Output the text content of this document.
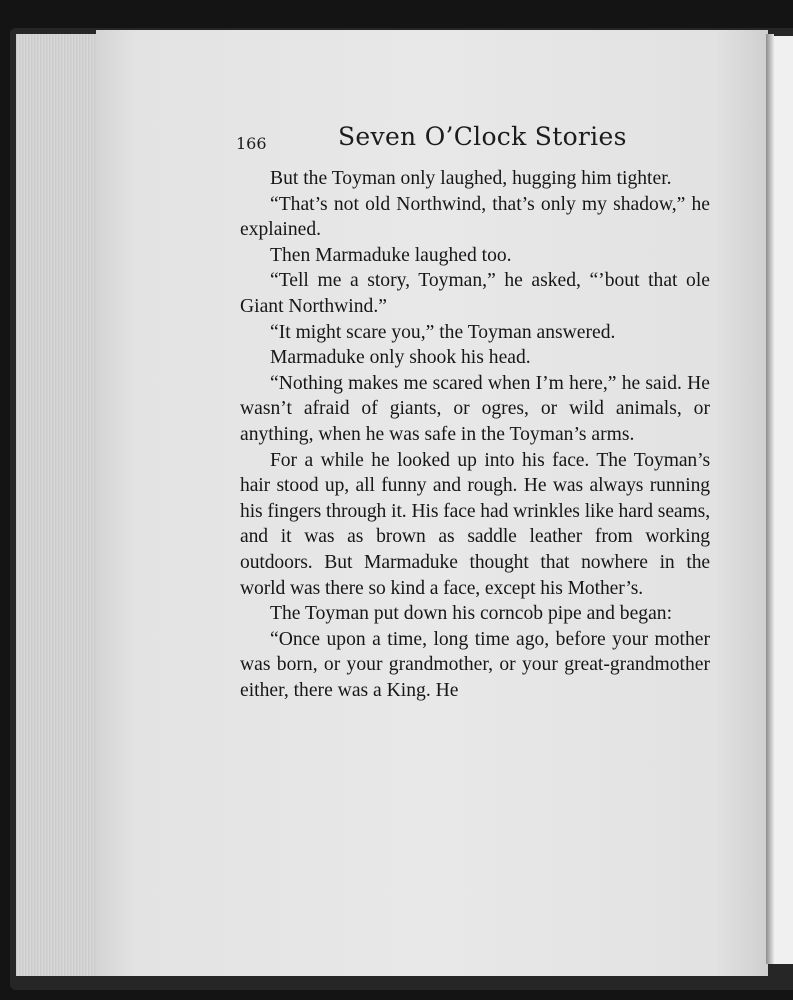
166	Seven O’Clock Stories

But the Toyman only laughed, hugging him tighter.

“That’s not old Northwind, that’s only my shadow,” he explained.

Then Marmaduke laughed too.

“Tell me a story, Toyman,” he asked, “’bout that ole Giant Northwind.”

“It might scare you,” the Toyman answered.

Marmaduke only shook his head.

“Nothing makes me scared when I’m here,” he said. He wasn’t afraid of giants, or ogres, or wild animals, or anything, when he was safe in the Toyman’s arms.

For a while he looked up into his face. The Toyman’s hair stood up, all funny and rough. He was always running his fingers through it. His face had wrinkles like hard seams, and it was as brown as saddle leather from working outdoors. But Marmaduke thought that nowhere in the world was there so kind a face, except his Mother’s.

The Toyman put down his corncob pipe and began:

“Once upon a time, long time ago, before your mother was born, or your grandmother, or your great-grandmother either, there was a King. He
